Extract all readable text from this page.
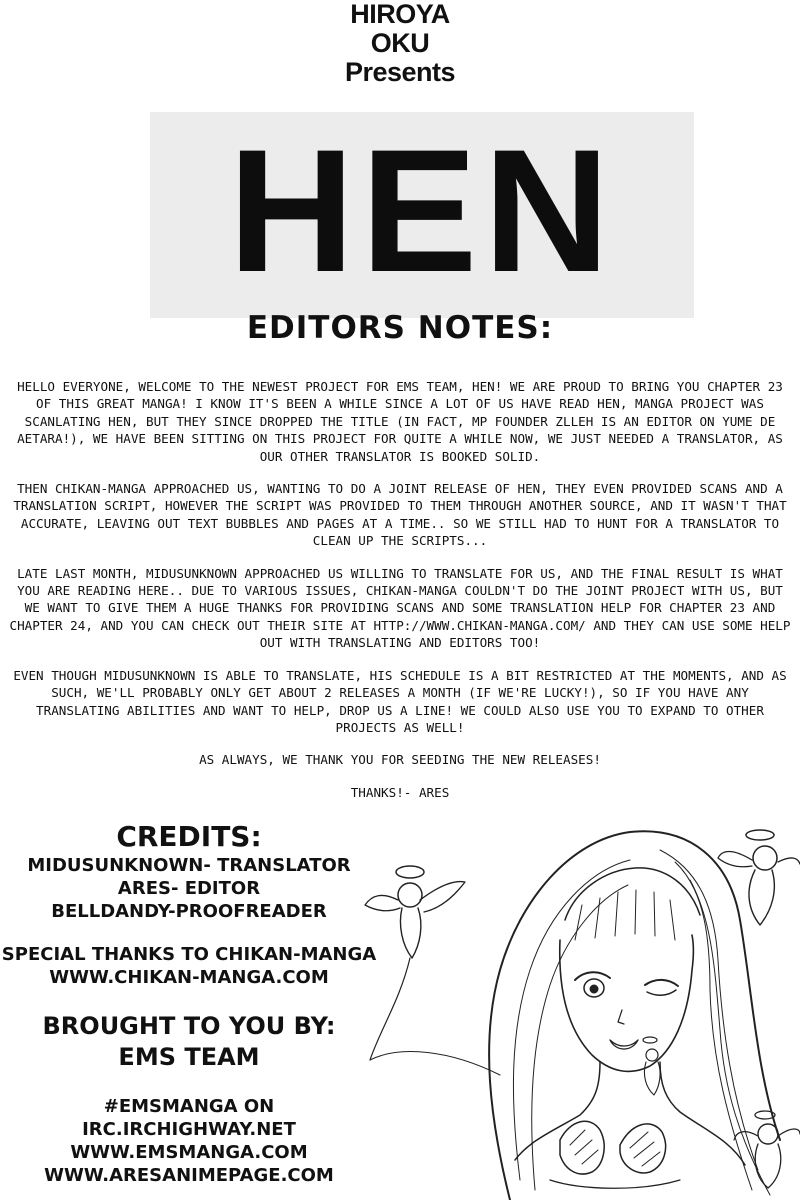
HIROYA
OKU
Presents
HEN
EDITORS NOTES:

HELLO EVERYONE, WELCOME TO THE NEWEST PROJECT FOR EMS TEAM, HEN! WE ARE PROUD TO BRING YOU CHAPTER 23 OF THIS GREAT MANGA! I KNOW IT'S BEEN A WHILE SINCE A LOT OF US HAVE READ HEN, MANGA PROJECT WAS SCANLATING HEN, BUT THEY SINCE DROPPED THE TITLE (IN FACT, MP FOUNDER ZLLEH IS AN EDITOR ON YUME DE AETARA!), WE HAVE BEEN SITTING ON THIS PROJECT FOR QUITE A WHILE NOW, WE JUST NEEDED A TRANSLATOR, AS OUR OTHER TRANSLATOR IS BOOKED SOLID.

THEN CHIKAN-MANGA APPROACHED US, WANTING TO DO A JOINT RELEASE OF HEN, THEY EVEN PROVIDED SCANS AND A TRANSLATION SCRIPT, HOWEVER THE SCRIPT WAS PROVIDED TO THEM THROUGH ANOTHER SOURCE, AND IT WASN'T THAT ACCURATE, LEAVING OUT TEXT BUBBLES AND PAGES AT A TIME.. SO WE STILL HAD TO HUNT FOR A TRANSLATOR TO CLEAN UP THE SCRIPTS...

LATE LAST MONTH, MIDUSUNKNOWN APPROACHED US WILLING TO TRANSLATE FOR US, AND THE FINAL RESULT IS WHAT YOU ARE READING HERE.. DUE TO VARIOUS ISSUES, CHIKAN-MANGA COULDN'T DO THE JOINT PROJECT WITH US, BUT WE WANT TO GIVE THEM A HUGE THANKS FOR PROVIDING SCANS AND SOME TRANSLATION HELP FOR CHAPTER 23 AND CHAPTER 24, AND YOU CAN CHECK OUT THEIR SITE AT HTTP://WWW.CHIKAN-MANGA.COM/ AND THEY CAN USE SOME HELP OUT WITH TRANSLATING AND EDITORS TOO!

EVEN THOUGH MIDUSUNKNOWN IS ABLE TO TRANSLATE, HIS SCHEDULE IS A BIT RESTRICTED AT THE MOMENTS, AND AS SUCH, WE'LL PROBABLY ONLY GET ABOUT 2 RELEASES A MONTH (IF WE'RE LUCKY!), SO IF YOU HAVE ANY TRANSLATING ABILITIES AND WANT TO HELP, DROP US A LINE! WE COULD ALSO USE YOU TO EXPAND TO OTHER PROJECTS AS WELL!

AS ALWAYS, WE THANK YOU FOR SEEDING THE NEW RELEASES!

THANKS!- ARES

CREDITS:
MIDUSUNKNOWN- TRANSLATOR
ARES- EDITOR
BELLDANDY-PROOFREADER
SPECIAL THANKS TO CHIKAN-MANGA
WWW.CHIKAN-MANGA.COM
BROUGHT TO YOU BY:
EMS TEAM
#EMSMANGA ON
IRC.IRCHIGHWAY.NET
WWW.EMSMANGA.COM
WWW.ARESANIMEPAGE.COM
